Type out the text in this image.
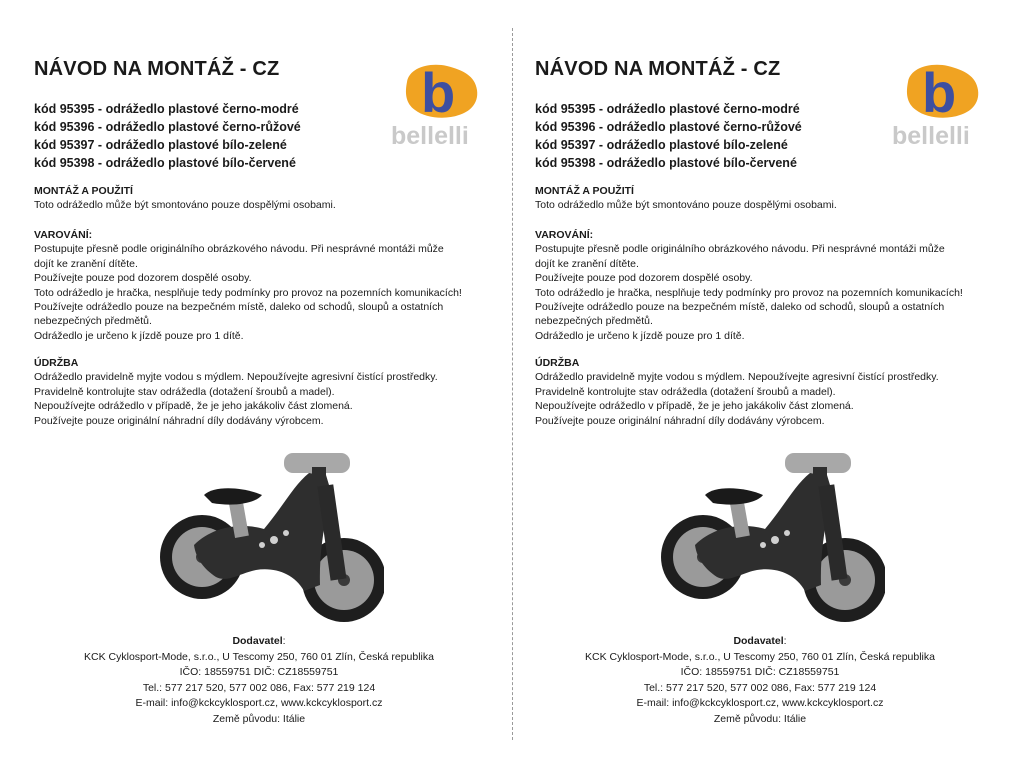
NÁVOD NA MONTÁŽ - CZ
kód 95395 - odrážedlo plastové černo-modré
kód 95396 - odrážedlo plastové černo-růžové
kód 95397 - odrážedlo plastové bílo-zelené
kód 95398 - odrážedlo plastové bílo-červené
b
bellelli
MONTÁŽ A POUŽITÍ

Toto odrážedlo může být smontováno pouze dospělými osobami.

VAROVÁNÍ:

Postupujte přesně podle originálního obrázkového návodu. Při nesprávné montáži může

dojít ke zranění dítěte.

Používejte pouze pod dozorem dospělé osoby.

Toto odrážedlo je hračka, nesplňuje tedy podmínky pro provoz na pozemních komunikacích!

Používejte odrážedlo pouze na bezpečném místě, daleko od schodů, sloupů a ostatních

nebezpečných předmětů.

Odrážedlo je určeno k jízdě pouze pro 1 dítě.

ÚDRŽBA

Odrážedlo pravidelně myjte vodou s mýdlem. Nepoužívejte agresivní čistící prostředky.

Pravidelně kontrolujte stav odrážedla (dotažení šroubů a madel).

Nepoužívejte odrážedlo v případě, že je jeho jakákoliv část zlomená.

Používejte pouze originální náhradní díly dodávány výrobcem.

Dodavatel:
KCK Cyklosport-Mode, s.r.o., U Tescomy 250, 760 01 Zlín, Česká republika
IČO: 18559751 DIČ: CZ18559751
Tel.: 577 217 520, 577 002 086, Fax: 577 219 124
E-mail: info@kckcyklosport.cz, www.kckcyklosport.cz
Země původu: Itálie
NÁVOD NA MONTÁŽ - CZ
kód 95395 - odrážedlo plastové černo-modré
kód 95396 - odrážedlo plastové černo-růžové
kód 95397 - odrážedlo plastové bílo-zelené
kód 95398 - odrážedlo plastové bílo-červené
b
bellelli
MONTÁŽ A POUŽITÍ

Toto odrážedlo může být smontováno pouze dospělými osobami.

VAROVÁNÍ:

Postupujte přesně podle originálního obrázkového návodu. Při nesprávné montáži může

dojít ke zranění dítěte.

Používejte pouze pod dozorem dospělé osoby.

Toto odrážedlo je hračka, nesplňuje tedy podmínky pro provoz na pozemních komunikacích!

Používejte odrážedlo pouze na bezpečném místě, daleko od schodů, sloupů a ostatních

nebezpečných předmětů.

Odrážedlo je určeno k jízdě pouze pro 1 dítě.

ÚDRŽBA

Odrážedlo pravidelně myjte vodou s mýdlem. Nepoužívejte agresivní čistící prostředky.

Pravidelně kontrolujte stav odrážedla (dotažení šroubů a madel).

Nepoužívejte odrážedlo v případě, že je jeho jakákoliv část zlomená.

Používejte pouze originální náhradní díly dodávány výrobcem.

Dodavatel:
KCK Cyklosport-Mode, s.r.o., U Tescomy 250, 760 01 Zlín, Česká republika
IČO: 18559751 DIČ: CZ18559751
Tel.: 577 217 520, 577 002 086, Fax: 577 219 124
E-mail: info@kckcyklosport.cz, www.kckcyklosport.cz
Země původu: Itálie
